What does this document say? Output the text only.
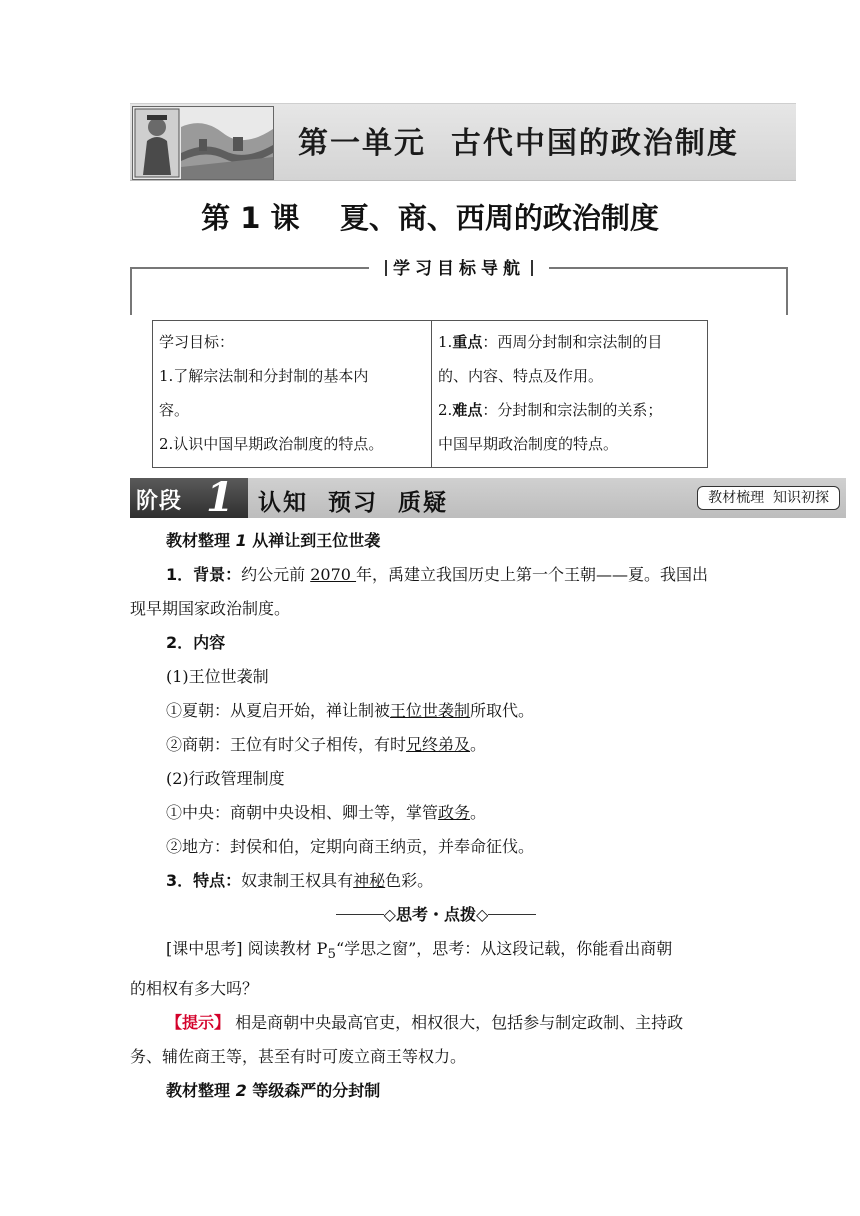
第一单元  古代中国的政治制度
第 1 课    夏、商、西周的政治制度
学习目标导航
学习目标：
1.了解宗法制和分封制的基本内
容。
2.认识中国早期政治制度的特点。

1.重点：西周分封制和宗法制的目
的、内容、特点及作用。
2.难点：分封制和宗法制的关系；
中国早期政治制度的特点。
阶段 1 认知  预习  质疑	教材梳理  知识初探
教材整理 1 从禅让到王位世袭
1．背景：约公元前 2070 年，禹建立我国历史上第一个王朝——夏。我国出
现早期国家政治制度。
2．内容
(1)王位世袭制
①夏朝：从夏启开始，禅让制被王位世袭制所取代。
②商朝：王位有时父子相传，有时兄终弟及。
(2)行政管理制度
①中央：商朝中央设相、卿士等，掌管政务。
②地方：封侯和伯，定期向商王纳贡，并奉命征伐。
3．特点：奴隶制王权具有神秘色彩。
◇思考・点拨◇
[课中思考] 阅读教材 $P_5“$学思之窗”，思考：从这段记载，你能看出商朝
的相权有多大吗？
【提示】 相是商朝中央最高官吏，相权很大，包括参与制定政制、主持政
务、辅佐商王等，甚至有时可废立商王等权力。
教材整理 2 等级森严的分封制
